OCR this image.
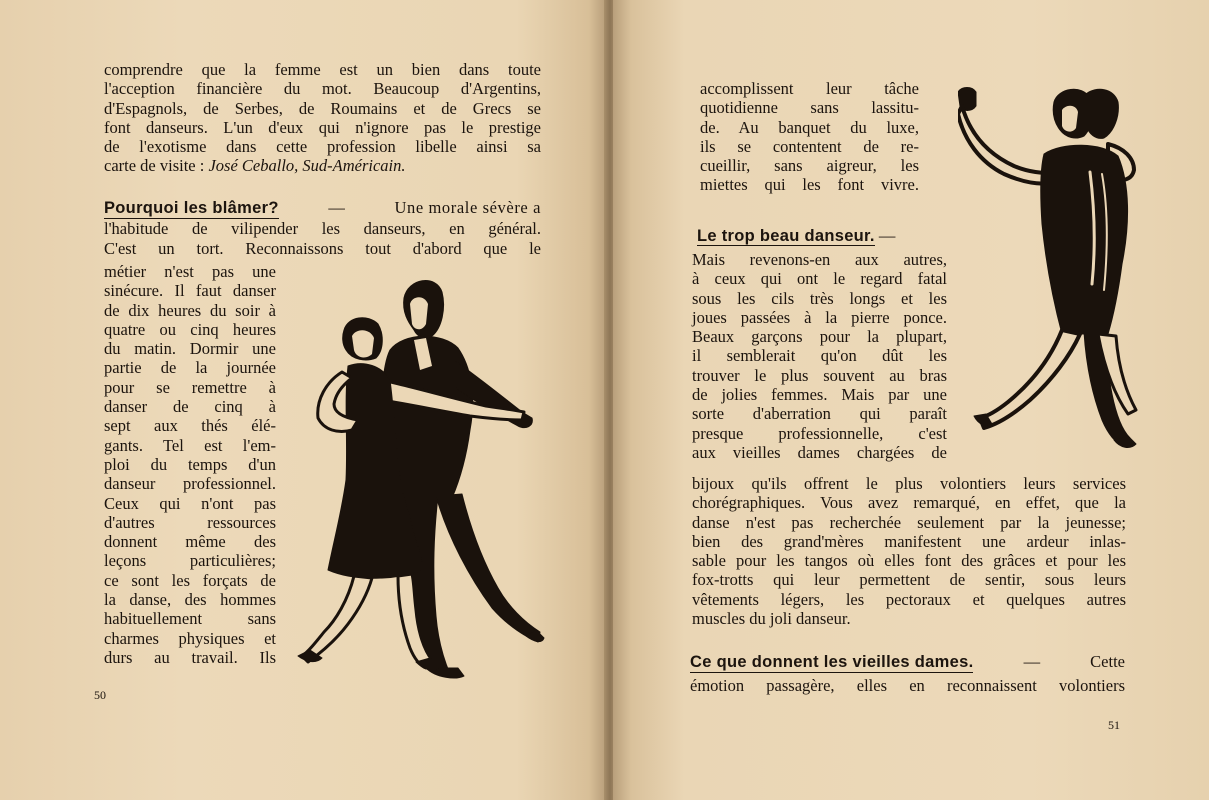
comprendre que la femme est un bien dans toute
l'acception financière du mot. Beaucoup d'Argentins,
d'Espagnols, de Serbes, de Roumains et de Grecs se
font danseurs. L'un d'eux qui n'ignore pas le prestige
de l'exotisme dans cette profession libelle ainsi sa
carte de visite : José Ceballo, Sud-Américain.
Pourquoi les blâmer?	—	Une morale sévère a
l'habitude de vilipender les danseurs, en général.
C'est un tort. Reconnaissons tout d'abord que le
métier n'est pas une
sinécure. Il faut danser
de dix heures du soir à
quatre ou cinq heures
du matin. Dormir une
partie de la journée
pour se remettre à
danser de cinq à
sept aux thés élé-
gants. Tel est l'em-
ploi du temps d'un
danseur professionnel.
Ceux qui n'ont pas
d'autres ressources
donnent même des
leçons particulières;
ce sont les forçats de
la danse, des hommes
habituellement sans
charmes physiques et
durs au travail. Ils
50
accomplissent leur tâche
quotidienne sans lassitu-
de. Au banquet du luxe,
ils se contentent de re-
cueillir, sans aigreur, les
miettes qui les font vivre.
Le trop beau danseur. —
Mais revenons-en aux autres,
à ceux qui ont le regard fatal
sous les cils très longs et les
joues passées à la pierre ponce.
Beaux garçons pour la plupart,
il semblerait qu'on dût les
trouver le plus souvent au bras
de jolies femmes. Mais par une
sorte d'aberration qui paraît
presque professionnelle, c'est
aux vieilles dames chargées de
bijoux qu'ils offrent le plus volontiers leurs services
chorégraphiques. Vous avez remarqué, en effet, que la
danse n'est pas recherchée seulement par la jeunesse;
bien des grand'mères manifestent une ardeur inlas-
sable pour les tangos où elles font des grâces et pour les
fox-trotts qui leur permettent de sentir, sous leurs
vêtements légers, les pectoraux et quelques autres
muscles du joli danseur.
Ce que donnent les vieilles dames.	—	Cette
émotion passagère, elles en reconnaissent volontiers
51
